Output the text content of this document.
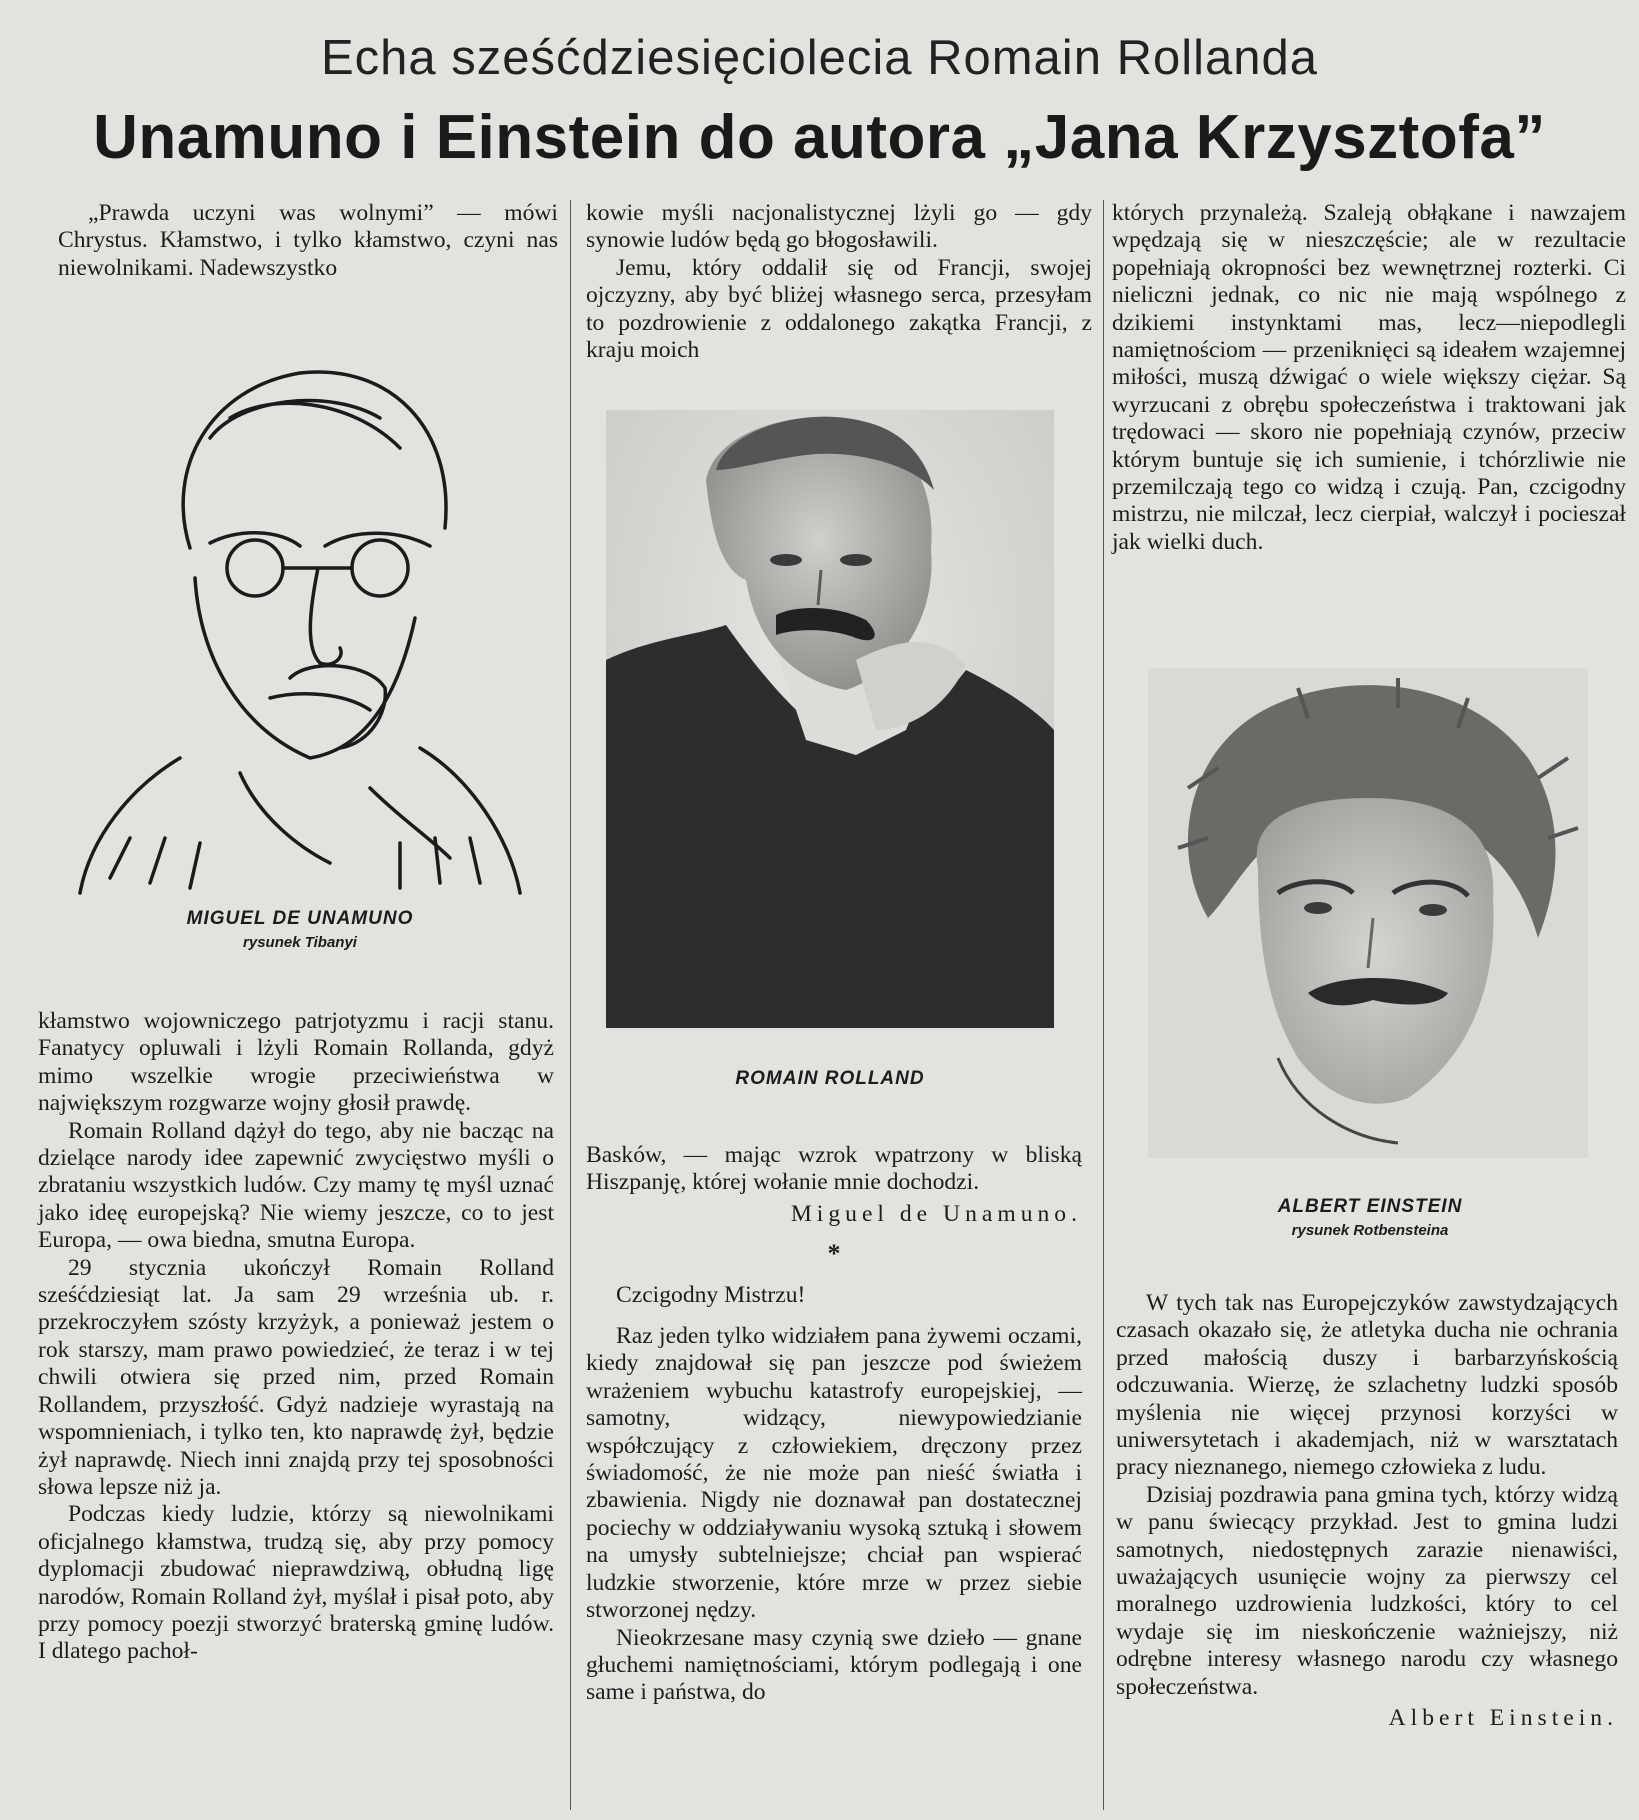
Echa sześćdziesięciolecia Romain Rollanda
Unamuno i Einstein do autora „Jana Krzysztofa”

„Prawda uczyni was wolnymi” — mówi Chrystus. Kłamstwo, i tylko kłamstwo, czyni nas niewolnikami. Nadewszystko

MIGUEL DE UNAMUNO
rysunek Tibanyi

kłamstwo wojowniczego patrjotyzmu i racji stanu. Fanatycy opluwali i lżyli Romain Rollanda, gdyż mimo wszelkie wrogie przeciwieństwa w największym rozgwarze wojny głosił prawdę.

Romain Rolland dążył do tego, aby nie bacząc na dzielące narody idee zapewnić zwycięstwo myśli o zbrataniu wszystkich ludów. Czy mamy tę myśl uznać jako ideę europejską? Nie wiemy jeszcze, co to jest Europa, — owa biedna, smutna Europa.

29 stycznia ukończył Romain Rolland sześćdziesiąt lat. Ja sam 29 września ub. r. przekroczyłem szósty krzyżyk, a ponieważ jestem o rok starszy, mam prawo powiedzieć, że teraz i w tej chwili otwiera się przed nim, przed Romain Rollandem, przyszłość. Gdyż nadzieje wyrastają na wspomnieniach, i tylko ten, kto naprawdę żył, będzie żył naprawdę. Niech inni znajdą przy tej sposobności słowa lepsze niż ja.

Podczas kiedy ludzie, którzy są niewolnikami oficjalnego kłamstwa, trudzą się, aby przy pomocy dyplomacji zbudować nieprawdziwą, obłudną ligę narodów, Romain Rolland żył, myślał i pisał poto, aby przy pomocy poezji stworzyć braterską gminę ludów. I dlatego pachoł-

kowie myśli nacjonalistycznej lżyli go — gdy synowie ludów będą go błogosławili.

Jemu, który oddalił się od Francji, swojej ojczyzny, aby być bliżej własnego serca, przesyłam to pozdrowienie z oddalonego zakątka Francji, z kraju moich

ROMAIN ROLLAND

Basków, — mając wzrok wpatrzony w bliską Hiszpanję, której wołanie mnie dochodzi.

Miguel de Unamuno.

*

Czcigodny Mistrzu!

Raz jeden tylko widziałem pana żywemi oczami, kiedy znajdował się pan jeszcze pod świeżem wrażeniem wybuchu katastrofy europejskiej, — samotny, widzący, niewypowiedzianie współczujący z człowiekiem, dręczony przez świadomość, że nie może pan nieść światła i zbawienia. Nigdy nie doznawał pan dostatecznej pociechy w oddziaływaniu wysoką sztuką i słowem na umysły subtelniejsze; chciał pan wspierać ludzkie stworzenie, które mrze w przez siebie stworzonej nędzy.

Nieokrzesane masy czynią swe dzieło — gnane głuchemi namiętnościami, którym podlegają i one same i państwa, do

których przynależą. Szaleją obłąkane i nawzajem wpędzają się w nieszczęście; ale w rezultacie popełniają okropności bez wewnętrznej rozterki. Ci nieliczni jednak, co nic nie mają wspólnego z dzikiemi instynktami mas, lecz—niepodlegli namiętnościom — przeniknięci są ideałem wzajemnej miłości, muszą dźwigać o wiele większy ciężar. Są wyrzucani z obrębu społeczeństwa i traktowani jak trędowaci — skoro nie popełniają czynów, przeciw którym buntuje się ich sumienie, i tchórzliwie nie przemilczają tego co widzą i czują. Pan, czcigodny mistrzu, nie milczał, lecz cierpiał, walczył i pocieszał jak wielki duch.

ALBERT EINSTEIN
rysunek Rotbensteina

W tych tak nas Europejczyków zawstydzających czasach okazało się, że atletyka ducha nie ochrania przed małością duszy i barbarzyńskością odczuwania. Wierzę, że szlachetny ludzki sposób myślenia nie więcej przynosi korzyści w uniwersytetach i akademjach, niż w warsztatach pracy nieznanego, niemego człowieka z ludu.

Dzisiaj pozdrawia pana gmina tych, którzy widzą w panu świecący przykład. Jest to gmina ludzi samotnych, niedostępnych zarazie nienawiści, uważających usunięcie wojny za pierwszy cel moralnego uzdrowienia ludzkości, który to cel wydaje się im nieskończenie ważniejszy, niż odrębne interesy własnego narodu czy własnego społeczeństwa.

Albert Einstein.
